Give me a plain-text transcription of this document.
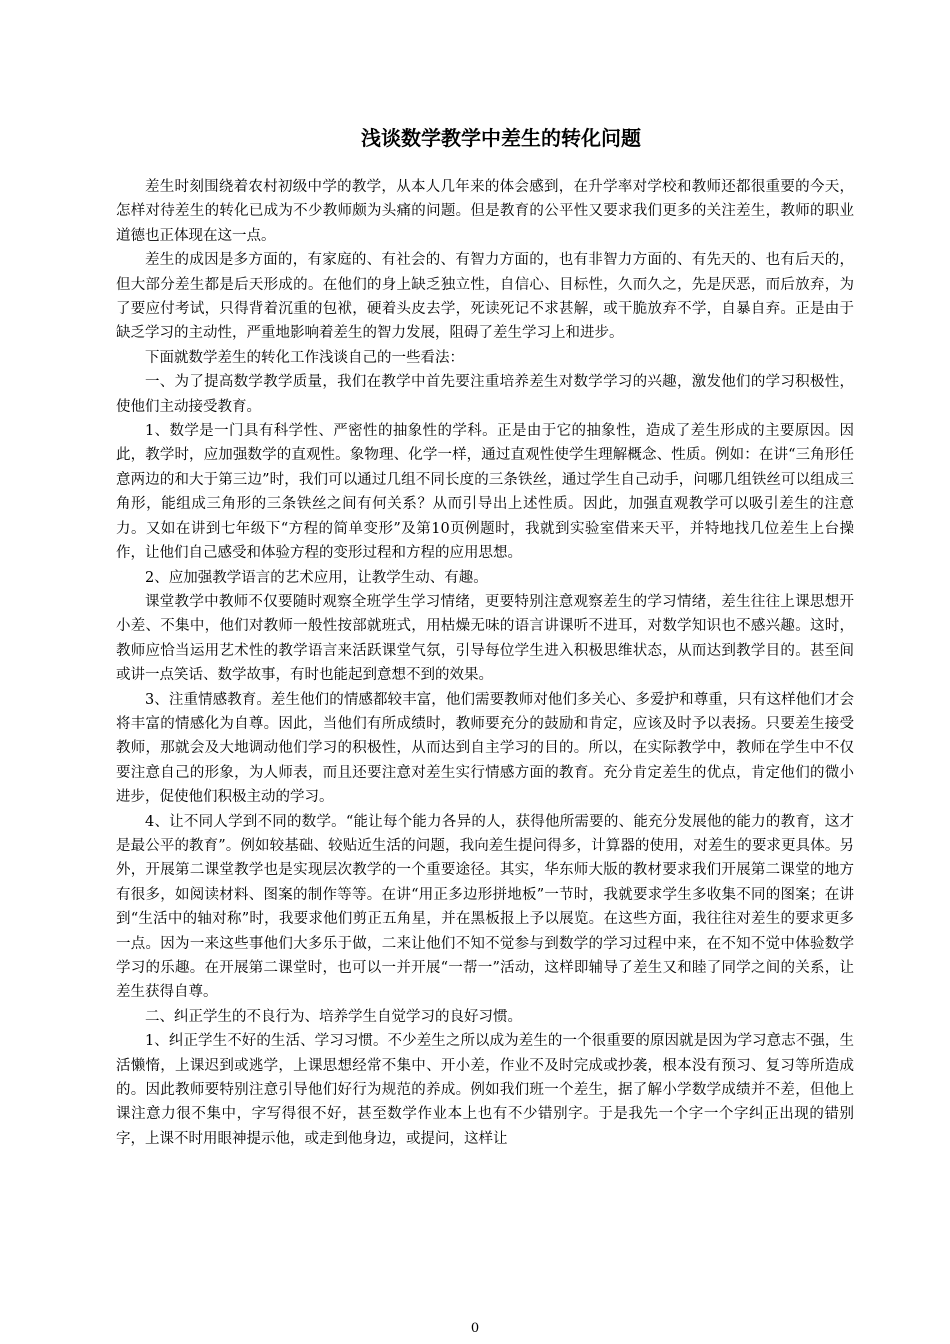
浅谈数学教学中差生的转化问题

差生时刻围绕着农村初级中学的教学，从本人几年来的体会感到，在升学率对学校和教师还都很重要的今天，怎样对待差生的转化已成为不少教师颇为头痛的问题。但是教育的公平性又要求我们更多的关注差生，教师的职业道德也正体现在这一点。

差生的成因是多方面的，有家庭的、有社会的、有智力方面的，也有非智力方面的、有先天的、也有后天的，但大部分差生都是后天形成的。在他们的身上缺乏独立性，自信心、目标性，久而久之，先是厌恶，而后放弃，为了要应付考试，只得背着沉重的包袱，硬着头皮去学，死读死记不求甚解，或干脆放弃不学，自暴自弃。正是由于缺乏学习的主动性，严重地影响着差生的智力发展，阻碍了差生学习上和进步。

下面就数学差生的转化工作浅谈自己的一些看法：

一、为了提高数学教学质量，我们在教学中首先要注重培养差生对数学学习的兴趣，激发他们的学习积极性，使他们主动接受教育。

1、数学是一门具有科学性、严密性的抽象性的学科。正是由于它的抽象性，造成了差生形成的主要原因。因此，教学时，应加强数学的直观性。象物理、化学一样，通过直观性使学生理解概念、性质。例如：在讲“三角形任意两边的和大于第三边”时，我们可以通过几组不同长度的三条铁丝，通过学生自己动手，问哪几组铁丝可以组成三角形，能组成三角形的三条铁丝之间有何关系？从而引导出上述性质。因此，加强直观教学可以吸引差生的注意力。又如在讲到七年级下“方程的简单变形”及第10页例题时，我就到实验室借来天平，并特地找几位差生上台操作，让他们自己感受和体验方程的变形过程和方程的应用思想。

2、应加强教学语言的艺术应用，让教学生动、有趣。

课堂教学中教师不仅要随时观察全班学生学习情绪，更要特别注意观察差生的学习情绪，差生往往上课思想开小差、不集中，他们对教师一般性按部就班式，用枯燥无味的语言讲课听不进耳，对数学知识也不感兴趣。这时，教师应恰当运用艺术性的教学语言来活跃课堂气氛，引导每位学生进入积极思维状态，从而达到教学目的。甚至间或讲一点笑话、数学故事，有时也能起到意想不到的效果。

3、注重情感教育。差生他们的情感都较丰富，他们需要教师对他们多关心、多爱护和尊重，只有这样他们才会将丰富的情感化为自尊。因此，当他们有所成绩时，教师要充分的鼓励和肯定，应该及时予以表扬。只要差生接受教师，那就会及大地调动他们学习的积极性，从而达到自主学习的目的。所以，在实际教学中，教师在学生中不仅要注意自己的形象，为人师表，而且还要注意对差生实行情感方面的教育。充分肯定差生的优点，肯定他们的微小进步，促使他们积极主动的学习。

4、让不同人学到不同的数学。“能让每个能力各异的人，获得他所需要的、能充分发展他的能力的教育，这才是最公平的教育”。例如较基础、较贴近生活的问题，我向差生提问得多，计算器的使用，对差生的要求更具体。另外，开展第二课堂教学也是实现层次教学的一个重要途径。其实，华东师大版的教材要求我们开展第二课堂的地方有很多，如阅读材料、图案的制作等等。在讲“用正多边形拼地板”一节时，我就要求学生多收集不同的图案；在讲到“生活中的轴对称”时，我要求他们剪正五角星，并在黑板报上予以展览。在这些方面，我往往对差生的要求更多一点。因为一来这些事他们大多乐于做，二来让他们不知不觉参与到数学的学习过程中来，在不知不觉中体验数学学习的乐趣。在开展第二课堂时，也可以一并开展“一帮一”活动，这样即辅导了差生又和睦了同学之间的关系，让差生获得自尊。

二、纠正学生的不良行为、培养学生自觉学习的良好习惯。

1、纠正学生不好的生活、学习习惯。不少差生之所以成为差生的一个很重要的原因就是因为学习意志不强，生活懒惰，上课迟到或逃学，上课思想经常不集中、开小差，作业不及时完成或抄袭，根本没有预习、复习等所造成的。因此教师要特别注意引导他们好行为规范的养成。例如我们班一个差生，据了解小学数学成绩并不差，但他上课注意力很不集中，字写得很不好，甚至数学作业本上也有不少错别字。于是我先一个字一个字纠正出现的错别字，上课不时用眼神提示他，或走到他身边，或提问，这样让

0
